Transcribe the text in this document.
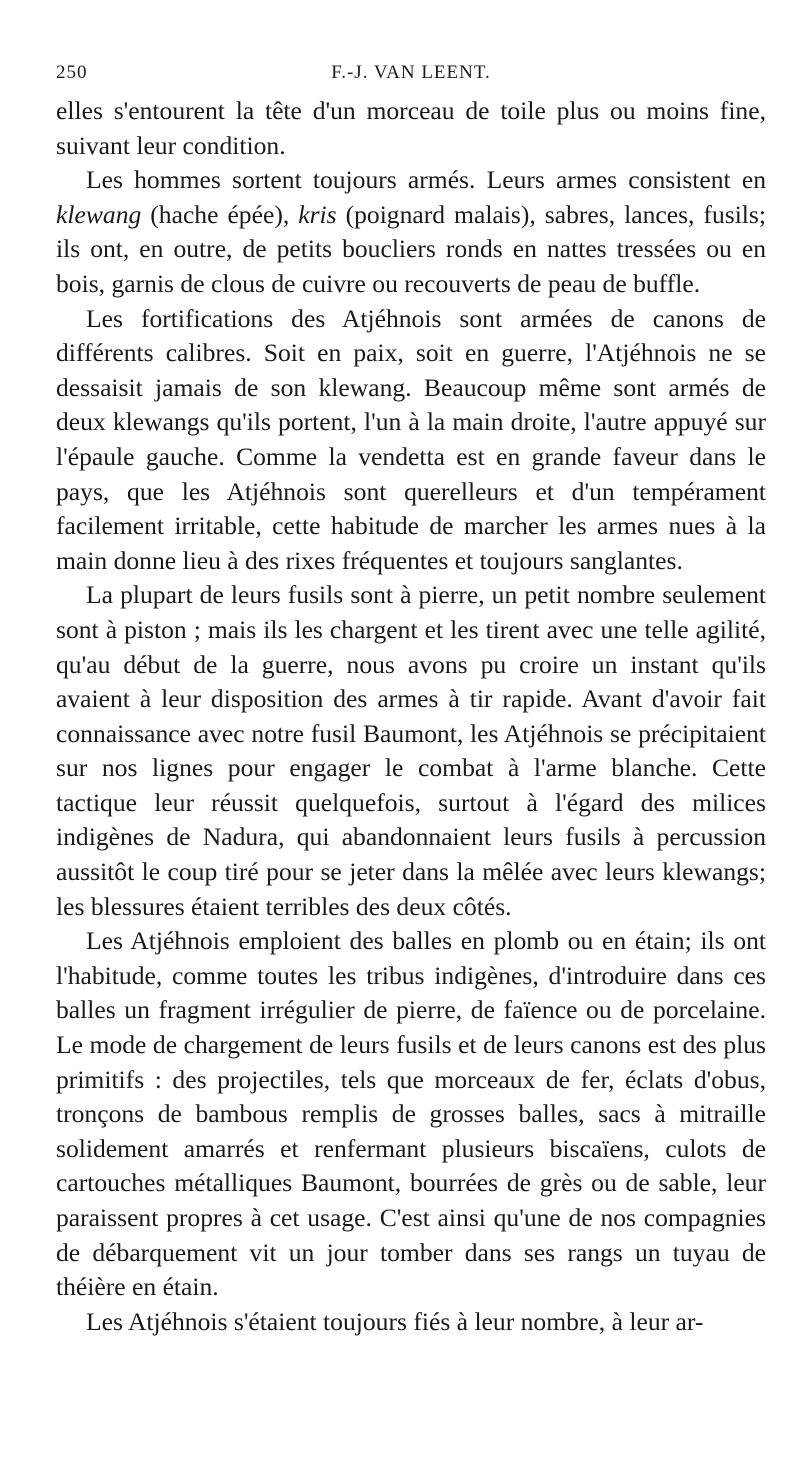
250	F.-J. VAN LEENT.

elles s'entourent la tête d'un morceau de toile plus ou moins fine, suivant leur condition.

Les hommes sortent toujours armés. Leurs armes consistent en klewang (hache épée), kris (poignard malais), sabres, lances, fusils; ils ont, en outre, de petits boucliers ronds en nattes tressées ou en bois, garnis de clous de cuivre ou recouverts de peau de buffle.

Les fortifications des Atjéhnois sont armées de canons de différents calibres. Soit en paix, soit en guerre, l'Atjéhnois ne se dessaisit jamais de son klewang. Beaucoup même sont armés de deux klewangs qu'ils portent, l'un à la main droite, l'autre appuyé sur l'épaule gauche. Comme la vendetta est en grande faveur dans le pays, que les Atjéhnois sont querelleurs et d'un tempérament facilement irritable, cette habitude de marcher les armes nues à la main donne lieu à des rixes fréquentes et toujours sanglantes.

La plupart de leurs fusils sont à pierre, un petit nombre seulement sont à piston ; mais ils les chargent et les tirent avec une telle agilité, qu'au début de la guerre, nous avons pu croire un instant qu'ils avaient à leur disposition des armes à tir rapide. Avant d'avoir fait connaissance avec notre fusil Baumont, les Atjéhnois se précipitaient sur nos lignes pour engager le combat à l'arme blanche. Cette tactique leur réussit quelquefois, surtout à l'égard des milices indigènes de Nadura, qui abandonnaient leurs fusils à percussion aussitôt le coup tiré pour se jeter dans la mêlée avec leurs klewangs; les blessures étaient terribles des deux côtés.

Les Atjéhnois emploient des balles en plomb ou en étain; ils ont l'habitude, comme toutes les tribus indigènes, d'introduire dans ces balles un fragment irrégulier de pierre, de faïence ou de porcelaine. Le mode de chargement de leurs fusils et de leurs canons est des plus primitifs : des projectiles, tels que morceaux de fer, éclats d'obus, tronçons de bambous remplis de grosses balles, sacs à mitraille solidement amarrés et renfermant plusieurs biscaïens, culots de cartouches métalliques Baumont, bourrées de grès ou de sable, leur paraissent propres à cet usage. C'est ainsi qu'une de nos compagnies de débarquement vit un jour tomber dans ses rangs un tuyau de théière en étain.

Les Atjéhnois s'étaient toujours fiés à leur nombre, à leur ar-
